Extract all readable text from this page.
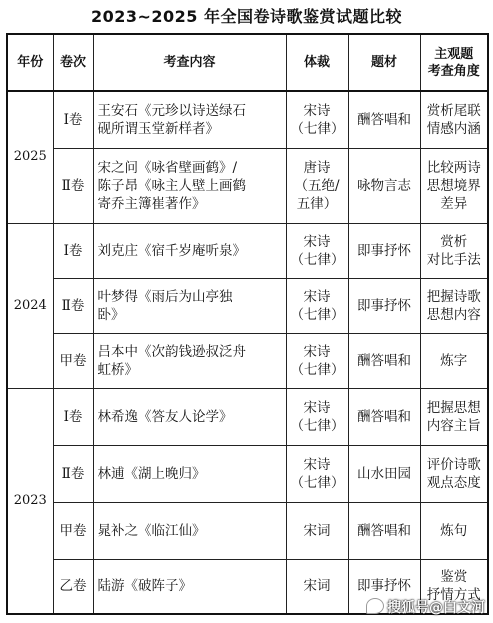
2023~2025 年全国卷诗歌鉴赏试题比较
年份	卷次	考查内容	体裁	题材	主观题
考查角度

2025	Ⅰ卷	王安石《元珍以诗送绿石
砚所谓玉堂新样者》	宋诗
（七律）	酬答唱和	赏析尾联
情感内涵

	Ⅱ卷	宋之问《咏省壁画鹤》/
陈子昂《咏主人壁上画鹤
寄乔主簿崔著作》	唐诗
（五绝/
五律）	咏物言志	比较两诗
思想境界
差异

2024	Ⅰ卷	刘克庄《宿千岁庵听泉》	宋诗
（七律）	即事抒怀	赏析
对比手法

	Ⅱ卷	叶梦得《雨后为山亭独
卧》	宋诗
（七律）	即事抒怀	把握诗歌
思想内容

	甲卷	吕本中《次韵钱逊叔泛舟
虹桥》	宋诗
（七律）	酬答唱和	炼字

2023	Ⅰ卷	林希逸《答友人论学》	宋诗
（七律）	酬答唱和	把握思想
内容主旨

	Ⅱ卷	林逋《湖上晚归》	宋诗
（七律）	山水田园	评价诗歌
观点态度

	甲卷	晁补之《临江仙》	宋词	酬答唱和	炼句

	乙卷	陆游《破阵子》	宋词	即事抒怀	鉴赏
抒情方式
搜狐号@白文河
